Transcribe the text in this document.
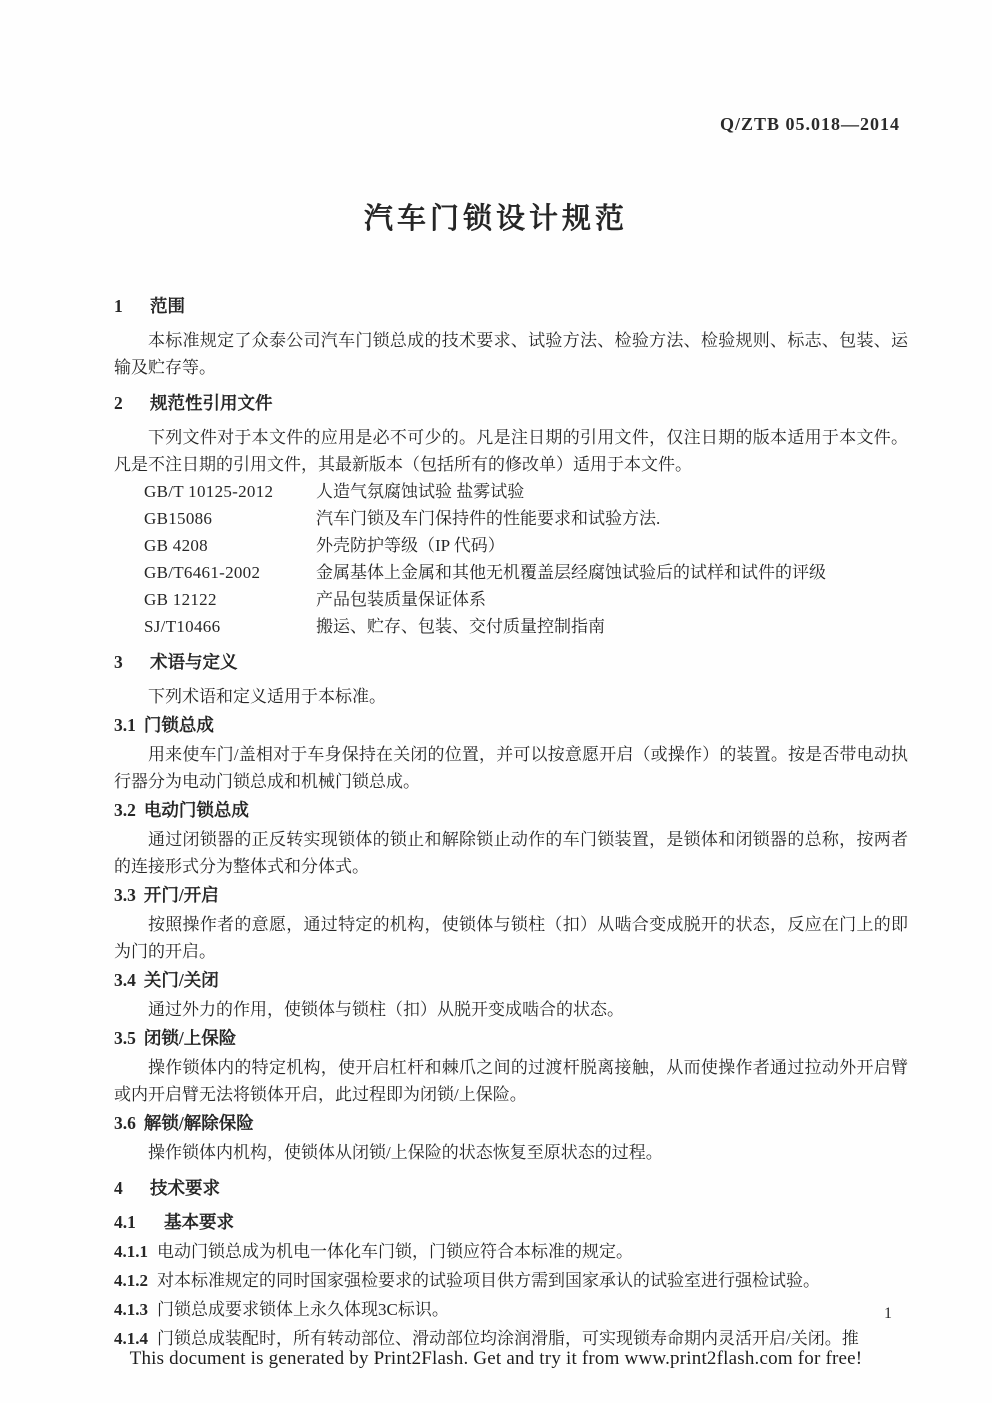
Q/ZTB 05.018—2014
汽车门锁设计规范
1 范围

本标准规定了众泰公司汽车门锁总成的技术要求、试验方法、检验方法、检验规则、标志、包装、运输及贮存等。

2 规范性引用文件

下列文件对于本文件的应用是必不可少的。凡是注日期的引用文件，仅注日期的版本适用于本文件。凡是不注日期的引用文件，其最新版本（包括所有的修改单）适用于本文件。

GB/T 10125-2012	人造气氛腐蚀试验 盐雾试验
GB15086	汽车门锁及车门保持件的性能要求和试验方法.
GB 4208	外壳防护等级（IP 代码）
GB/T6461-2002	金属基体上金属和其他无机覆盖层经腐蚀试验后的试样和试件的评级
GB 12122	产品包装质量保证体系
SJ/T10466	搬运、贮存、包装、交付质量控制指南
3 术语与定义

下列术语和定义适用于本标准。

3.1 门锁总成

用来使车门/盖相对于车身保持在关闭的位置，并可以按意愿开启（或操作）的装置。按是否带电动执行器分为电动门锁总成和机械门锁总成。

3.2 电动门锁总成

通过闭锁器的正反转实现锁体的锁止和解除锁止动作的车门锁装置，是锁体和闭锁器的总称，按两者的连接形式分为整体式和分体式。

3.3 开门/开启

按照操作者的意愿，通过特定的机构，使锁体与锁柱（扣）从啮合变成脱开的状态，反应在门上的即为门的开启。

3.4 关门/关闭

通过外力的作用，使锁体与锁柱（扣）从脱开变成啮合的状态。

3.5 闭锁/上保险

操作锁体内的特定机构，使开启杠杆和棘爪之间的过渡杆脱离接触，从而使操作者通过拉动外开启臂或内开启臂无法将锁体开启，此过程即为闭锁/上保险。

3.6 解锁/解除保险

操作锁体内机构，使锁体从闭锁/上保险的状态恢复至原状态的过程。

4 技术要求
4.1 基本要求
4.1.1 电动门锁总成为机电一体化车门锁，门锁应符合本标准的规定。
4.1.2 对本标准规定的同时国家强检要求的试验项目供方需到国家承认的试验室进行强检试验。
4.1.3 门锁总成要求锁体上永久体现3C标识。
4.1.4 门锁总成装配时，所有转动部位、滑动部位均涂润滑脂，可实现锁寿命期内灵活开启/关闭。推
1
This document is generated by Print2Flash. Get and try it from www.print2flash.com for free!
